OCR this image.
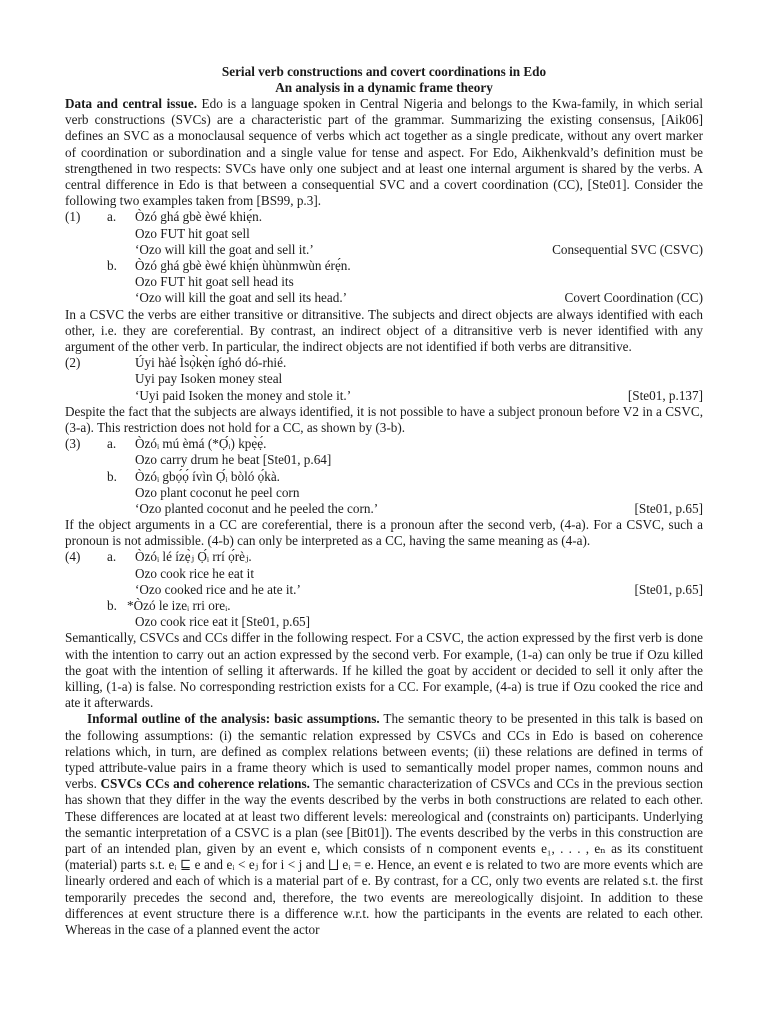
Serial verb constructions and covert coordinations in Edo
An analysis in a dynamic frame theory

Data and central issue. Edo is a language spoken in Central Nigeria and belongs to the Kwa-family, in which serial verb constructions (SVCs) are a characteristic part of the grammar. Summarizing the existing consensus, [Aik06] defines an SVC as a monoclausal sequence of verbs which act together as a single predicate, without any overt marker of coordination or subordination and a single value for tense and aspect. For Edo, Aikhenkvald’s definition must be strengthened in two respects: SVCs have only one subject and at least one internal argument is shared by the verbs. A central difference in Edo is that between a consequential SVC and a covert coordination (CC), [Ste01]. Consider the following two examples taken from [BS99, p.3].

(1) a. Òzó ghá gbè èwé khiẹ́n.
Ozo FUT hit goat sell
‘Ozo will kill the goat and sell it.’	Consequential SVC (CSVC)
b. Òzó ghá gbè èwé khiẹ́n ùhùnmwùn érẹ́n.
Ozo FUT hit goat sell head its
‘Ozo will kill the goat and sell its head.’	Covert Coordination (CC)

In a CSVC the verbs are either transitive or ditransitive. The subjects and direct objects are always identified with each other, i.e. they are coreferential. By contrast, an indirect object of a ditransitive verb is never identified with any argument of the other verb. In particular, the indirect objects are not identified if both verbs are ditransitive.

(2)	Úyi hàé Ìsọ̀kẹ̀n íghó dó-rhié.
Uyi pay Isoken money steal
‘Uyi paid Isoken the money and stole it.’	[Ste01, p.137]

Despite the fact that the subjects are always identified, it is not possible to have a subject pronoun before V2 in a CSVC, (3-a). This restriction does not hold for a CC, as shown by (3-b).

(3) a. Òzóᵢ mú èmá (*Ọ́ᵢ) kpẹ̀ẹ́.
Ozo carry drum he beat [Ste01, p.64]
b. Òzóᵢ gbọ́ọ́ ívìn Ọ́ᵢ bòló ọ́kà.
Ozo plant coconut he peel corn
‘Ozo planted coconut and he peeled the corn.’	[Ste01, p.65]

If the object arguments in a CC are coreferential, there is a pronoun after the second verb, (4-a). For a CSVC, such a pronoun is not admissible. (4-b) can only be interpreted as a CC, having the same meaning as (4-a).

(4) a. Òzóᵢ lé ízẹ̀ⱼ Ọ́ᵢ rrí ọ́rèⱼ.
Ozo cook rice he eat it
‘Ozo cooked rice and he ate it.’	[Ste01, p.65]
b. *Òzó le izeᵢ rri oreᵢ.
Ozo cook rice eat it [Ste01, p.65]

Semantically, CSVCs and CCs differ in the following respect. For a CSVC, the action expressed by the first verb is done with the intention to carry out an action expressed by the second verb. For example, (1-a) can only be true if Ozu killed the goat with the intention of selling it afterwards. If he killed the goat by accident or decided to sell it only after the killing, (1-a) is false. No corresponding restriction exists for a CC. For example, (4-a) is true if Ozu cooked the rice and ate it afterwards.

Informal outline of the analysis: basic assumptions. The semantic theory to be presented in this talk is based on the following assumptions: (i) the semantic relation expressed by CSVCs and CCs in Edo is based on coherence relations which, in turn, are defined as complex relations between events; (ii) these relations are defined in terms of typed attribute-value pairs in a frame theory which is used to semantically model proper names, common nouns and verbs. CSVCs CCs and coherence relations. The semantic characterization of CSVCs and CCs in the previous section has shown that they differ in the way the events described by the verbs in both constructions are related to each other. These differences are located at at least two different levels: mereological and (constraints on) participants. Underlying the semantic interpretation of a CSVC is a plan (see [Bit01]). The events described by the verbs in this construction are part of an intended plan, given by an event e, which consists of n component events e₁, . . . , eₙ as its constituent (material) parts s.t. eᵢ ⊑ e and eᵢ < eⱼ for i < j and ⨆ eᵢ = e. Hence, an event e is related to two are more events which are linearly ordered and each of which is a material part of e. By contrast, for a CC, only two events are related s.t. the first temporarily precedes the second and, therefore, the two events are mereologically disjoint. In addition to these differences at event structure there is a difference w.r.t. how the participants in the events are related to each other. Whereas in the case of a planned event the actor
